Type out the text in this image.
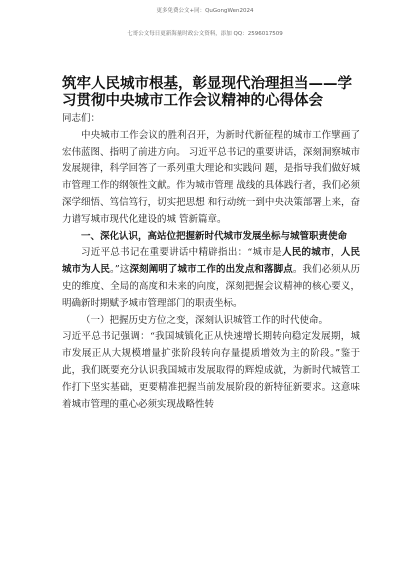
更多免费公文+同：QuGongWen2024
七哥公文每日更新海量时政公文资料，添加 QQ：2596017509
筑牢人民城市根基，彰显现代治理担当——学习贯彻中央城市工作会议精神的心得体会

同志们：

中央城市工作会议的胜利召开，为新时代新征程的城市工作擘画了宏伟蓝图、指明了前进方向。 习近平总书记的重要讲话，深刻洞察城市发展规律，科学回答了一系列重大理论和实践问 题，是指导我们做好城市管理工作的纲领性文献。作为城市管理 战线的具体践行者，我们必须深学细悟、笃信笃行，切实把思想 和行动统一到中央决策部署上来，奋力谱写城市现代化建设的城 管新篇章。

一、深化认识，高站位把握新时代城市发展坐标与城管职责使命

习近平总书记在重要讲话中精辟指出：“城市是人民的城市，人民城市为人民。”这深刻阐明了城市工作的出发点和落脚点。我们必须从历史的维度、全局的高度和未来的向度，深刻把握会议精神的核心要义，明确新时期赋予城市管理部门的职责坐标。

（一）把握历史方位之变，深刻认识城管工作的时代使命。

习近平总书记强调：“我国城镇化正从快速增长期转向稳定发展期，城市发展正从大规模增量扩张阶段转向存量提质增效为主的阶段。”鉴于此，我们既要充分认识我国城市发展取得的辉煌成就，为新时代城管工作打下坚实基础，更要精准把握当前发展阶段的新特征新要求。这意味着城市管理的重心必须实现战略性转
